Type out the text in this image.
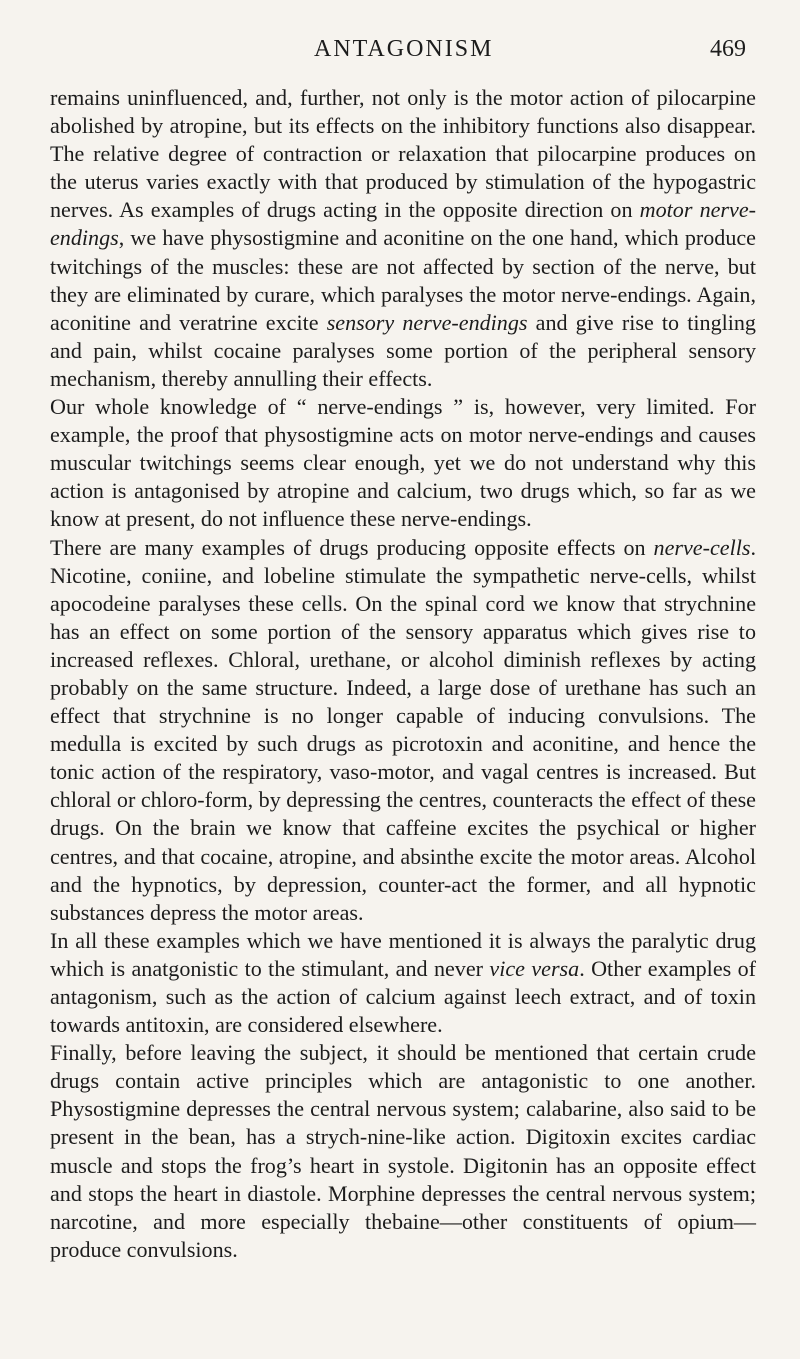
ANTAGONISM	469

remains uninfluenced, and, further, not only is the motor action of pilocarpine abolished by atropine, but its effects on the inhibitory functions also disappear. The relative degree of contraction or relaxation that pilocarpine produces on the uterus varies exactly with that produced by stimulation of the hypogastric nerves. As examples of drugs acting in the opposite direction on motor nerve-endings, we have physostigmine and aconitine on the one hand, which produce twitchings of the muscles: these are not affected by section of the nerve, but they are eliminated by curare, which paralyses the motor nerve-endings. Again, aconitine and veratrine excite sensory nerve-endings and give rise to tingling and pain, whilst cocaine paralyses some portion of the peripheral sensory mechanism, thereby annulling their effects.

Our whole knowledge of “ nerve-endings ” is, however, very limited. For example, the proof that physostigmine acts on motor nerve-endings and causes muscular twitchings seems clear enough, yet we do not understand why this action is antagonised by atropine and calcium, two drugs which, so far as we know at present, do not influence these nerve-endings.

There are many examples of drugs producing opposite effects on nerve-cells. Nicotine, coniine, and lobeline stimulate the sympathetic nerve-cells, whilst apocodeine paralyses these cells. On the spinal cord we know that strychnine has an effect on some portion of the sensory apparatus which gives rise to increased reflexes. Chloral, urethane, or alcohol diminish reflexes by acting probably on the same structure. Indeed, a large dose of urethane has such an effect that strychnine is no longer capable of inducing convulsions. The medulla is excited by such drugs as picrotoxin and aconitine, and hence the tonic action of the respiratory, vaso-motor, and vagal centres is increased. But chloral or chloro-form, by depressing the centres, counteracts the effect of these drugs. On the brain we know that caffeine excites the psychical or higher centres, and that cocaine, atropine, and absinthe excite the motor areas. Alcohol and the hypnotics, by depression, counter-act the former, and all hypnotic substances depress the motor areas.

In all these examples which we have mentioned it is always the paralytic drug which is anatgonistic to the stimulant, and never vice versa. Other examples of antagonism, such as the action of calcium against leech extract, and of toxin towards antitoxin, are considered elsewhere.

Finally, before leaving the subject, it should be mentioned that certain crude drugs contain active principles which are antagonistic to one another. Physostigmine depresses the central nervous system; calabarine, also said to be present in the bean, has a strych-nine-like action. Digitoxin excites cardiac muscle and stops the frog’s heart in systole. Digitonin has an opposite effect and stops the heart in diastole. Morphine depresses the central nervous system; narcotine, and more especially thebaine—other constituents of opium—produce convulsions.
